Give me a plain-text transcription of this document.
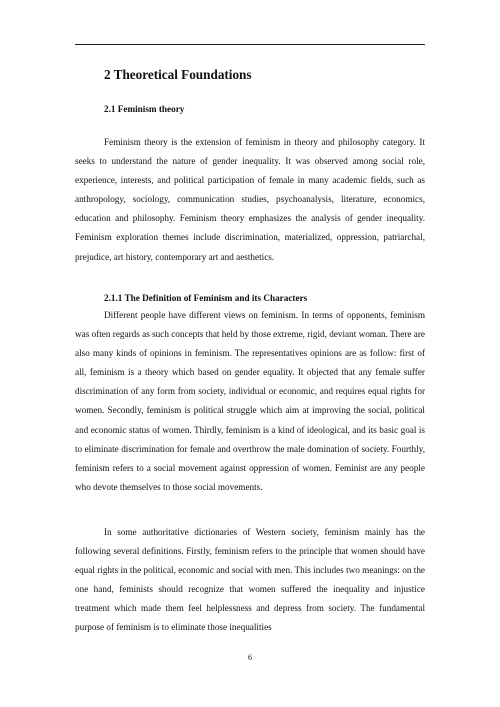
2 Theoretical Foundations
2.1 Feminism theory

Feminism theory is the extension of feminism in theory and philosophy category. It seeks to understand the nature of gender inequality. It was observed among social role, experience, interests, and political participation of female in many academic fields, such as anthropology, sociology, communication studies, psychoanalysis, literature, economics, education and philosophy. Feminism theory emphasizes the analysis of gender inequality. Feminism exploration themes include discrimination, materialized, oppression, patriarchal, prejudice, art history, contemporary art and aesthetics.

2.1.1 The Definition of Feminism and its Characters

Different people have different views on feminism. In terms of opponents, feminism was often regards as such concepts that held by those extreme, rigid, deviant woman. There are also many kinds of opinions in feminism. The representatives opinions are as follow: first of all, feminism is a theory which based on gender equality. It objected that any female suffer discrimination of any form from society, individual or economic, and requires equal rights for women. Secondly, feminism is political struggle which aim at improving the social, political and economic status of women. Thirdly, feminism is a kind of ideological, and its basic goal is to eliminate discrimination for female and overthrow the male domination of society. Fourthly, feminism refers to a social movement against oppression of women. Feminist are any people who devote themselves to those social movements.

In some authoritative dictionaries of Western society, feminism mainly has the following several definitions. Firstly, feminism refers to the principle that women should have equal rights in the political, economic and social with men. This includes two meanings: on the one hand, feminists should recognize that women suffered the inequality and injustice treatment which made them feel helplessness and depress from society. The fundamental purpose of feminism is to eliminate those inequalities

6
